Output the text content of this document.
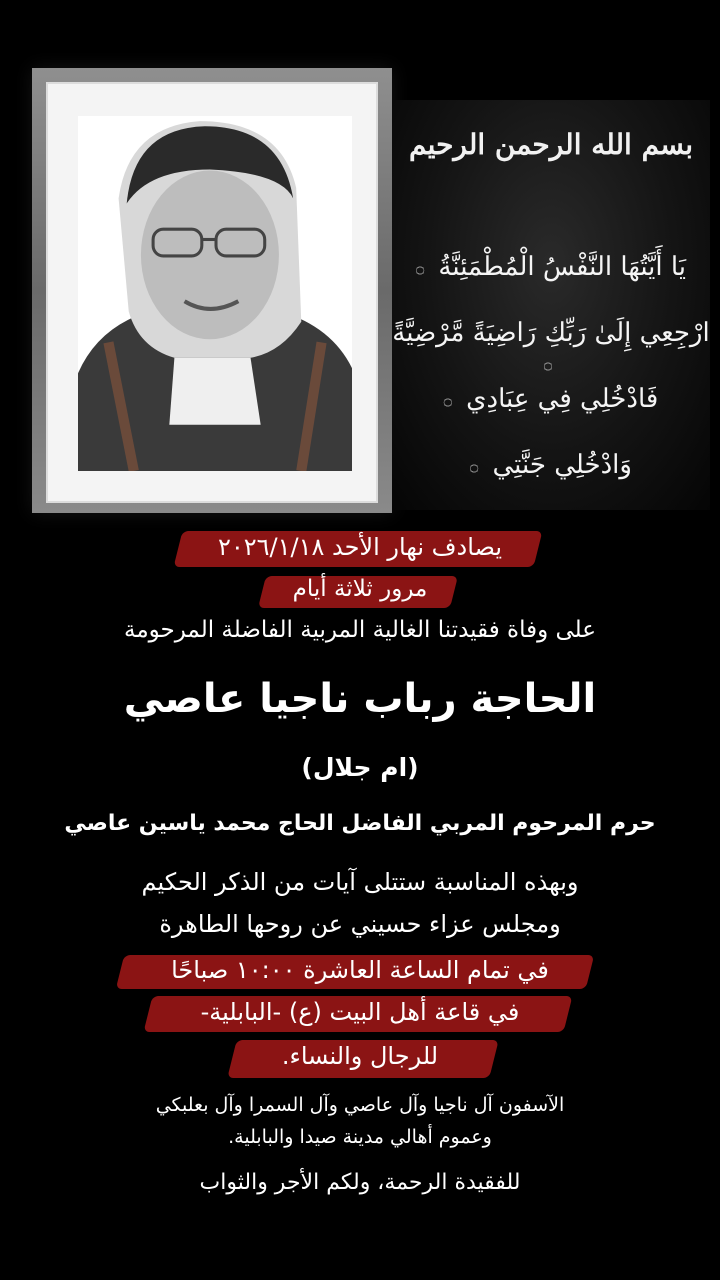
بسم الله الرحمن الرحيم
يَا أَيَّتُهَا النَّفْسُ الْمُطْمَئِنَّةُ ۝
ارْجِعِي إِلَىٰ رَبِّكِ رَاضِيَةً مَّرْضِيَّةً ۝
فَادْخُلِي فِي عِبَادِي ۝
وَادْخُلِي جَنَّتِي ۝
يصادف نهار الأحد ٢٠٢٦/١/١٨
مرور ثلاثة أيام
على وفاة فقيدتنا الغالية المربية الفاضلة المرحومة
الحاجة رباب ناجيا عاصي
(ام جلال)
حرم المرحوم المربي الفاضل الحاج محمد ياسين عاصي
وبهذه المناسبة ستتلى آيات من الذكر الحكيم
ومجلس عزاء حسيني عن روحها الطاهرة
في تمام الساعة العاشرة ١٠:٠٠ صباحًا
في قاعة أهل البيت (ع) -البابلية-
للرجال والنساء.
الآسفون آل ناجيا وآل عاصي وآل السمرا وآل بعلبكي
وعموم أهالي مدينة صيدا والبابلية.
للفقيدة الرحمة، ولكم الأجر والثواب
